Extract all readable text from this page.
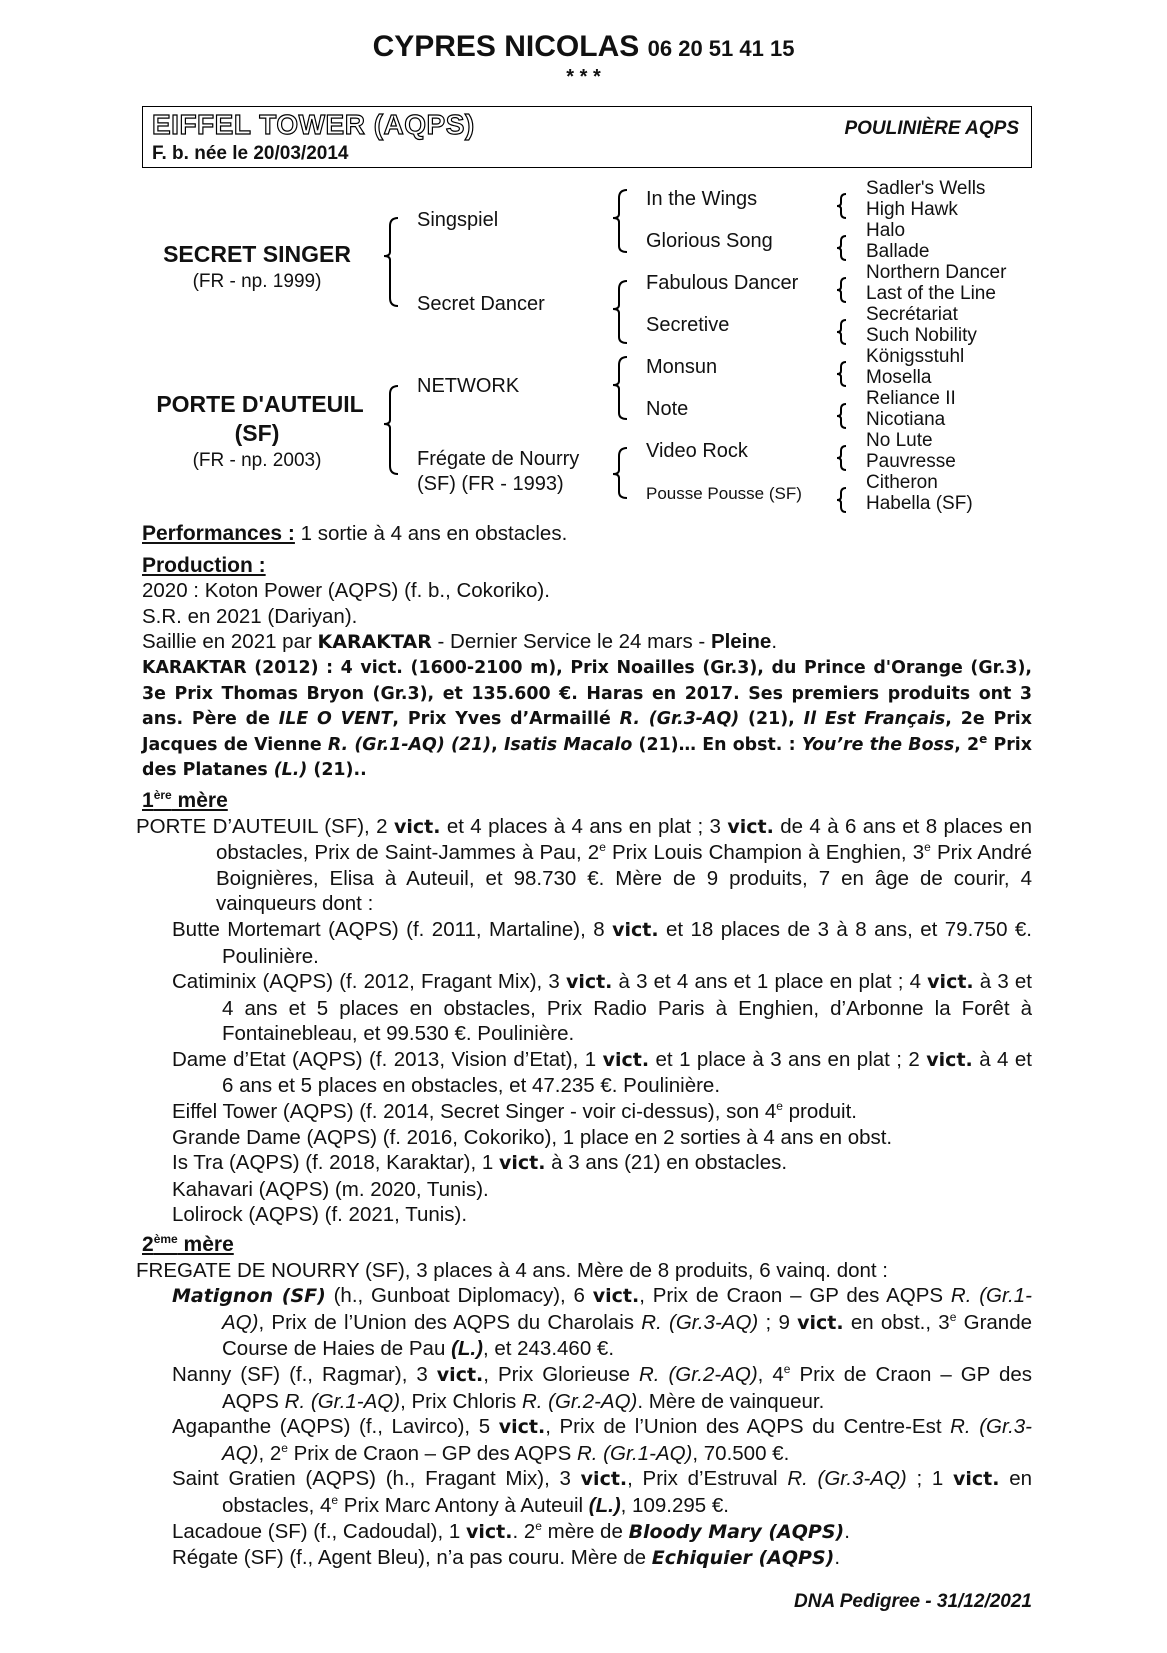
CYPRES NICOLAS 06 20 51 41 15
* * *
EIFFEL TOWER (AQPS)	POULINIÈRE AQPS
F. b. née le 20/03/2014
SECRET SINGER
(FR - np. 1999)
PORTE D'AUTEUIL
(SF)
(FR - np. 2003)
Singspiel
Secret Dancer
NETWORK
Frégate de Nourry
(SF) (FR - 1993)
In the Wings
Glorious Song
Fabulous Dancer
Secretive
Monsun
Note
Video Rock
Pousse Pousse (SF)
Sadler's Wells
High Hawk
Halo
Ballade
Northern Dancer
Last of the Line
Secrétariat
Such Nobility
Königsstuhl
Mosella
Reliance II
Nicotiana
No Lute
Pauvresse
Citheron
Habella (SF)

Performances : 1 sortie à 4 ans en obstacles.

Production :

2020 : Koton Power (AQPS) (f. b., Cokoriko).

S.R. en 2021 (Dariyan).

Saillie en 2021 par KARAKTAR - Dernier Service le 24 mars - Pleine.

KARAKTAR (2012) : 4 vict. (1600-2100 m), Prix Noailles (Gr.3), du Prince d'Orange (Gr.3), 3e Prix Thomas Bryon (Gr.3), et 135.600 €. Haras en 2017. Ses premiers produits ont 3 ans. Père de ILE O VENT, Prix Yves d’Armaillé R. (Gr.3-AQ) (21), Il Est Français, 2e Prix Jacques de Vienne R. (Gr.1-AQ) (21), Isatis Macalo (21)… En obst. : You’re the Boss, 2e Prix des Platanes (L.) (21)..

1ère mère

PORTE D’AUTEUIL (SF), 2 vict. et 4 places à 4 ans en plat ; 3 vict. de 4 à 6 ans et 8 places en obstacles, Prix de Saint-Jammes à Pau, 2e Prix Louis Champion à Enghien, 3e Prix André Boignières, Elisa à Auteuil, et 98.730 €. Mère de 9 produits, 7 en âge de courir, 4 vainqueurs dont :

Butte Mortemart (AQPS) (f. 2011, Martaline), 8 vict. et 18 places de 3 à 8 ans, et 79.750 €. Poulinière.

Catiminix (AQPS) (f. 2012, Fragant Mix), 3 vict. à 3 et 4 ans et 1 place en plat ; 4 vict. à 3 et 4 ans et 5 places en obstacles, Prix Radio Paris à Enghien, d’Arbonne la Forêt à Fontainebleau, et 99.530 €. Poulinière.

Dame d’Etat (AQPS) (f. 2013, Vision d’Etat), 1 vict. et 1 place à 3 ans en plat ; 2 vict. à 4 et 6 ans et 5 places en obstacles, et 47.235 €. Poulinière.

Eiffel Tower (AQPS) (f. 2014, Secret Singer - voir ci-dessus), son 4e produit.

Grande Dame (AQPS) (f. 2016, Cokoriko), 1 place en 2 sorties à 4 ans en obst.

Is Tra (AQPS) (f. 2018, Karaktar), 1 vict. à 3 ans (21) en obstacles.

Kahavari (AQPS) (m. 2020, Tunis).

Lolirock (AQPS) (f. 2021, Tunis).

2ème mère

FREGATE DE NOURRY (SF), 3 places à 4 ans. Mère de 8 produits, 6 vainq. dont :

Matignon (SF) (h., Gunboat Diplomacy), 6 vict., Prix de Craon – GP des AQPS R. (Gr.1-AQ), Prix de l’Union des AQPS du Charolais R. (Gr.3-AQ) ; 9 vict. en obst., 3e Grande Course de Haies de Pau (L.), et 243.460 €.

Nanny (SF) (f., Ragmar), 3 vict., Prix Glorieuse R. (Gr.2-AQ), 4e Prix de Craon – GP des AQPS R. (Gr.1-AQ), Prix Chloris R. (Gr.2-AQ). Mère de vainqueur.

Agapanthe (AQPS) (f., Lavirco), 5 vict., Prix de l’Union des AQPS du Centre-Est R. (Gr.3-AQ), 2e Prix de Craon – GP des AQPS R. (Gr.1-AQ), 70.500 €.

Saint Gratien (AQPS) (h., Fragant Mix), 3 vict., Prix d’Estruval R. (Gr.3-AQ) ; 1 vict. en obstacles, 4e Prix Marc Antony à Auteuil (L.), 109.295 €.

Lacadoue (SF) (f., Cadoudal), 1 vict.. 2e mère de Bloody Mary (AQPS).

Régate (SF) (f., Agent Bleu), n’a pas couru. Mère de Echiquier (AQPS).

DNA Pedigree - 31/12/2021
